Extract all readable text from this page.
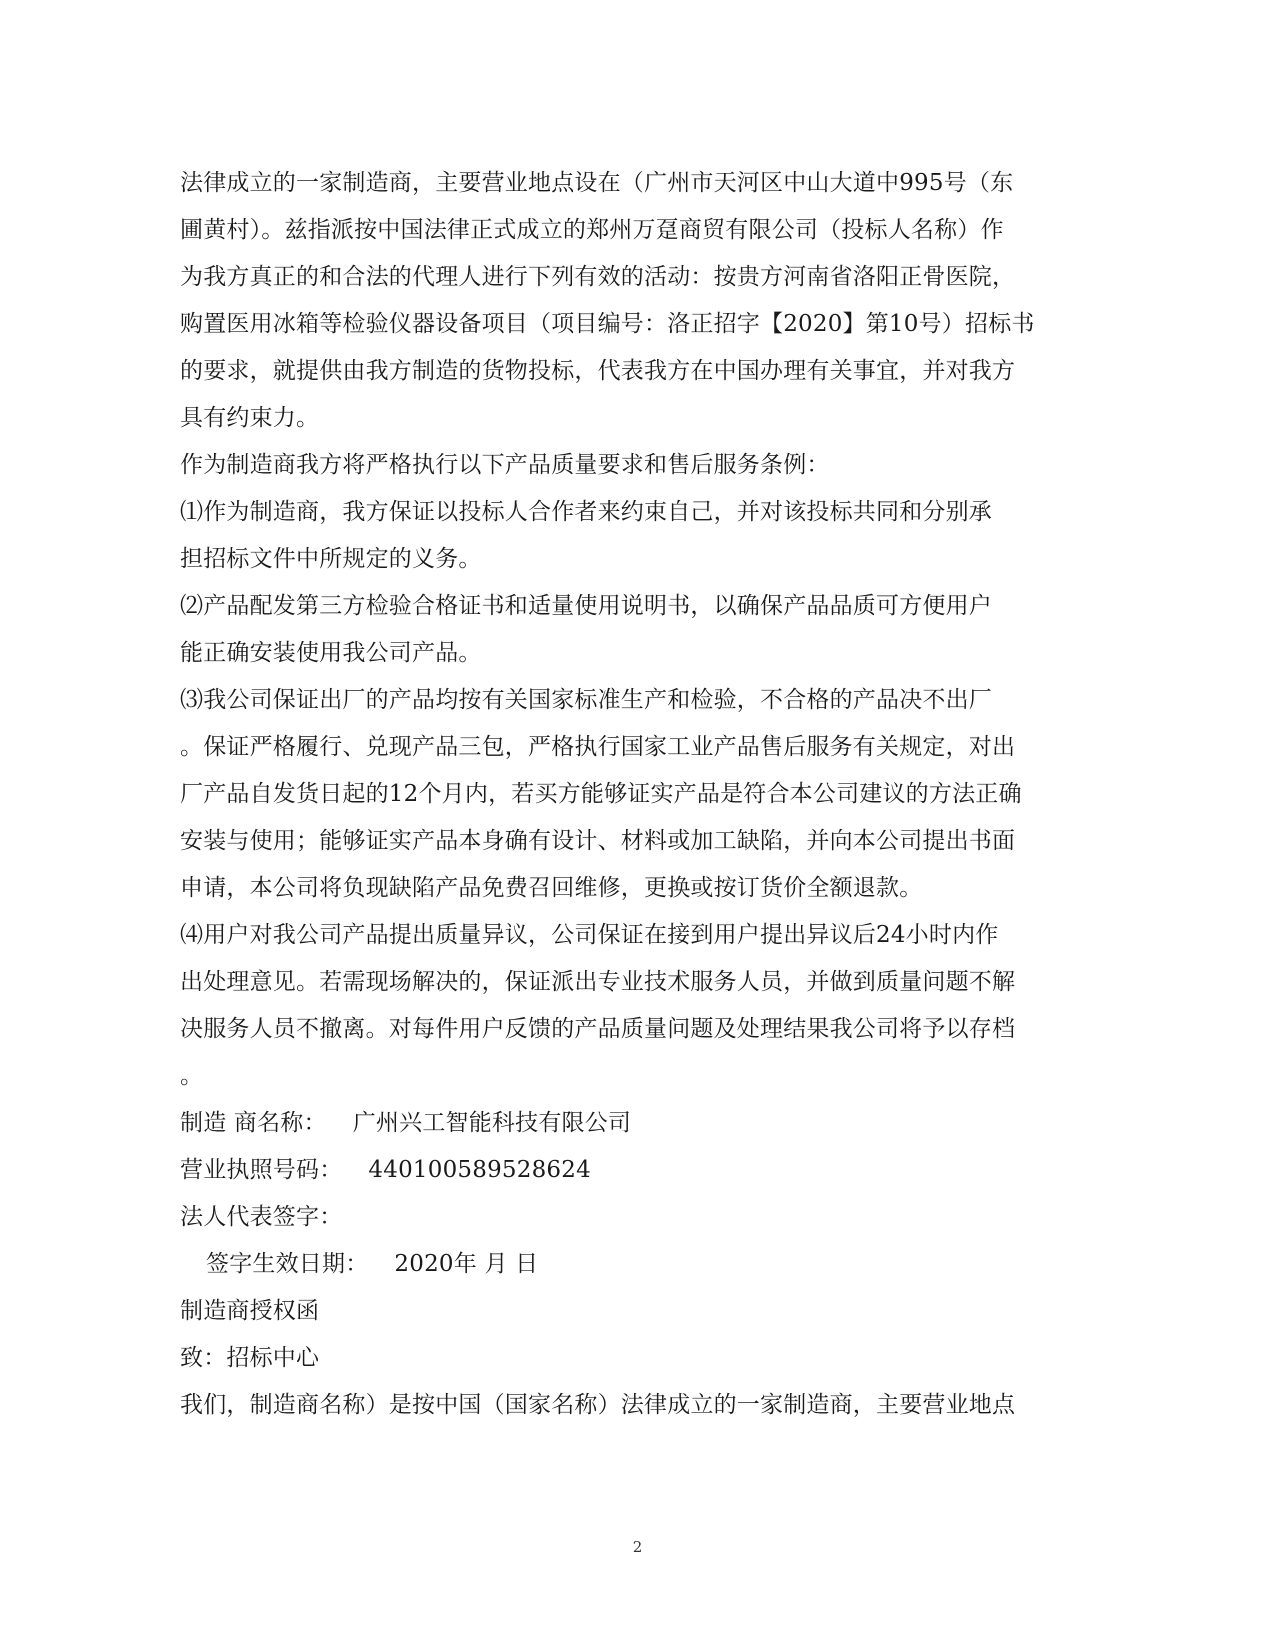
法律成立的一家制造商，主要营业地点设在（广州市天河区中山大道中995号（东
圃黄村）。兹指派按中国法律正式成立的郑州万趸商贸有限公司（投标人名称）作
为我方真正的和合法的代理人进行下列有效的活动：按贵方河南省洛阳正骨医院，
购置医用冰箱等检验仪器设备项目（项目编号：洛正招字【2020】第10号）招标书
的要求，就提供由我方制造的货物投标，代表我方在中国办理有关事宜，并对我方
具有约束力。
作为制造商我方将严格执行以下产品质量要求和售后服务条例：
⑴作为制造商，我方保证以投标人合作者来约束自己，并对该投标共同和分别承
担招标文件中所规定的义务。
⑵产品配发第三方检验合格证书和适量使用说明书，以确保产品品质可方便用户
能正确安装使用我公司产品。
⑶我公司保证出厂的产品均按有关国家标准生产和检验，不合格的产品决不出厂
。保证严格履行、兑现产品三包，严格执行国家工业产品售后服务有关规定，对出
厂产品自发货日起的12个月内，若买方能够证实产品是符合本公司建议的方法正确
安装与使用；能够证实产品本身确有设计、材料或加工缺陷，并向本公司提出书面
申请，本公司将负现缺陷产品免费召回维修，更换或按订货价全额退款。
⑷用户对我公司产品提出质量异议，公司保证在接到用户提出异议后24小时内作
出处理意见。若需现场解决的，保证派出专业技术服务人员，并做到质量问题不解
决服务人员不撤离。对每件用户反馈的产品质量问题及处理结果我公司将予以存档
。
制造 商名称： 广州兴工智能科技有限公司
营业执照号码： 440100589528624
法人代表签字：
签字生效日期： 2020年 月 日
制造商授权函
致：招标中心
我们，制造商名称）是按中国（国家名称）法律成立的一家制造商，主要营业地点
2
